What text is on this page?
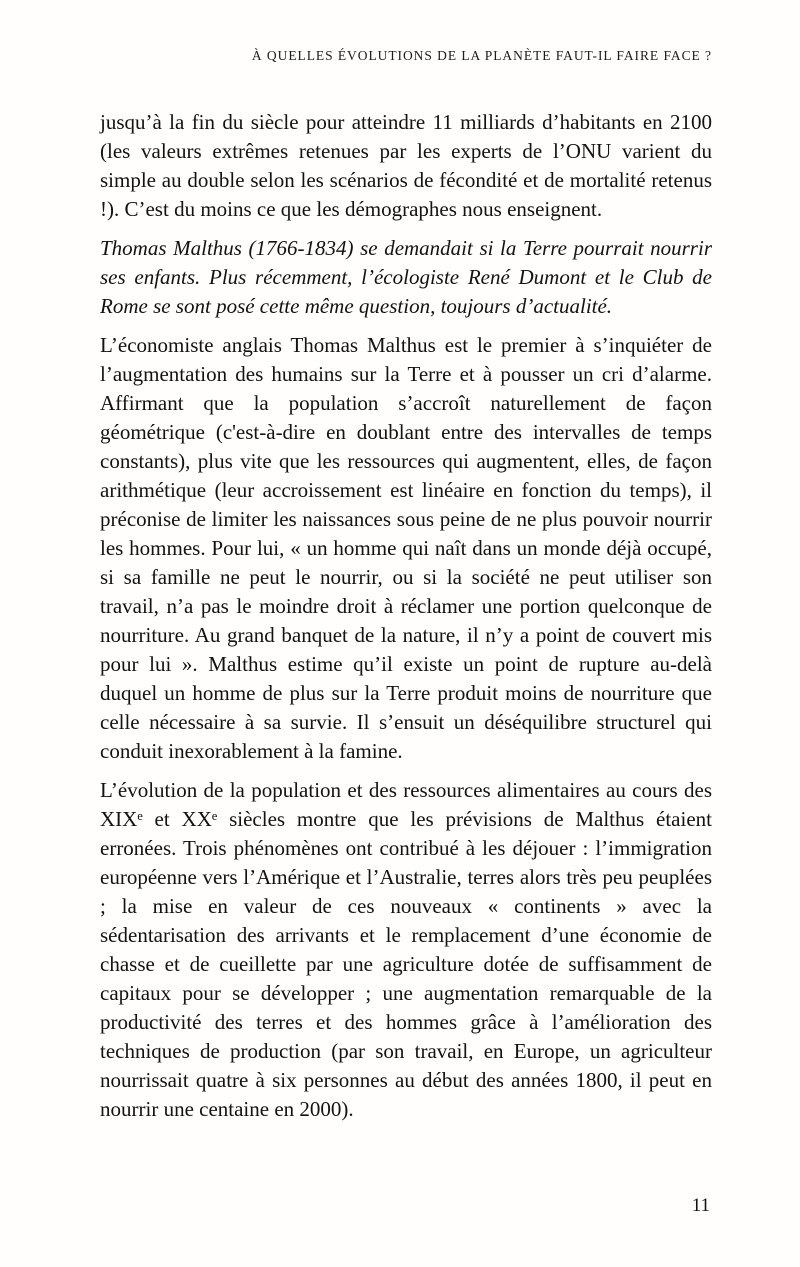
À QUELLES ÉVOLUTIONS DE LA PLANÈTE FAUT-IL FAIRE FACE ?

jusqu’à la fin du siècle pour atteindre 11 milliards d’habitants en 2100 (les valeurs extrêmes retenues par les experts de l’ONU varient du simple au double selon les scénarios de fécondité et de mortalité retenus !). C’est du moins ce que les démographes nous enseignent.

Thomas Malthus (1766-1834) se demandait si la Terre pourrait nourrir ses enfants. Plus récemment, l’écologiste René Dumont et le Club de Rome se sont posé cette même question, toujours d’actualité.

L’économiste anglais Thomas Malthus est le premier à s’inquiéter de l’augmentation des humains sur la Terre et à pousser un cri d’alarme. Affirmant que la population s’accroît naturellement de façon géométrique (c'est-à-dire en doublant entre des intervalles de temps constants), plus vite que les ressources qui augmentent, elles, de façon arithmétique (leur accroissement est linéaire en fonction du temps), il préconise de limiter les naissances sous peine de ne plus pouvoir nourrir les hommes. Pour lui, « un homme qui naît dans un monde déjà occupé, si sa famille ne peut le nourrir, ou si la société ne peut utiliser son travail, n’a pas le moindre droit à réclamer une portion quelconque de nourriture. Au grand banquet de la nature, il n’y a point de couvert mis pour lui ». Malthus estime qu’il existe un point de rupture au-delà duquel un homme de plus sur la Terre produit moins de nourriture que celle nécessaire à sa survie. Il s’ensuit un déséquilibre structurel qui conduit inexorablement à la famine.

L’évolution de la population et des ressources alimentaires au cours des XIXᵉ et XXᵉ siècles montre que les prévisions de Malthus étaient erronées. Trois phénomènes ont contribué à les déjouer : l’immigration européenne vers l’Amérique et l’Australie, terres alors très peu peuplées ; la mise en valeur de ces nouveaux « continents » avec la sédentarisation des arrivants et le remplacement d’une économie de chasse et de cueillette par une agriculture dotée de suffisamment de capitaux pour se développer ; une augmentation remarquable de la productivité des terres et des hommes grâce à l’amélioration des techniques de production (par son travail, en Europe, un agriculteur nourrissait quatre à six personnes au début des années 1800, il peut en nourrir une centaine en 2000).

11
